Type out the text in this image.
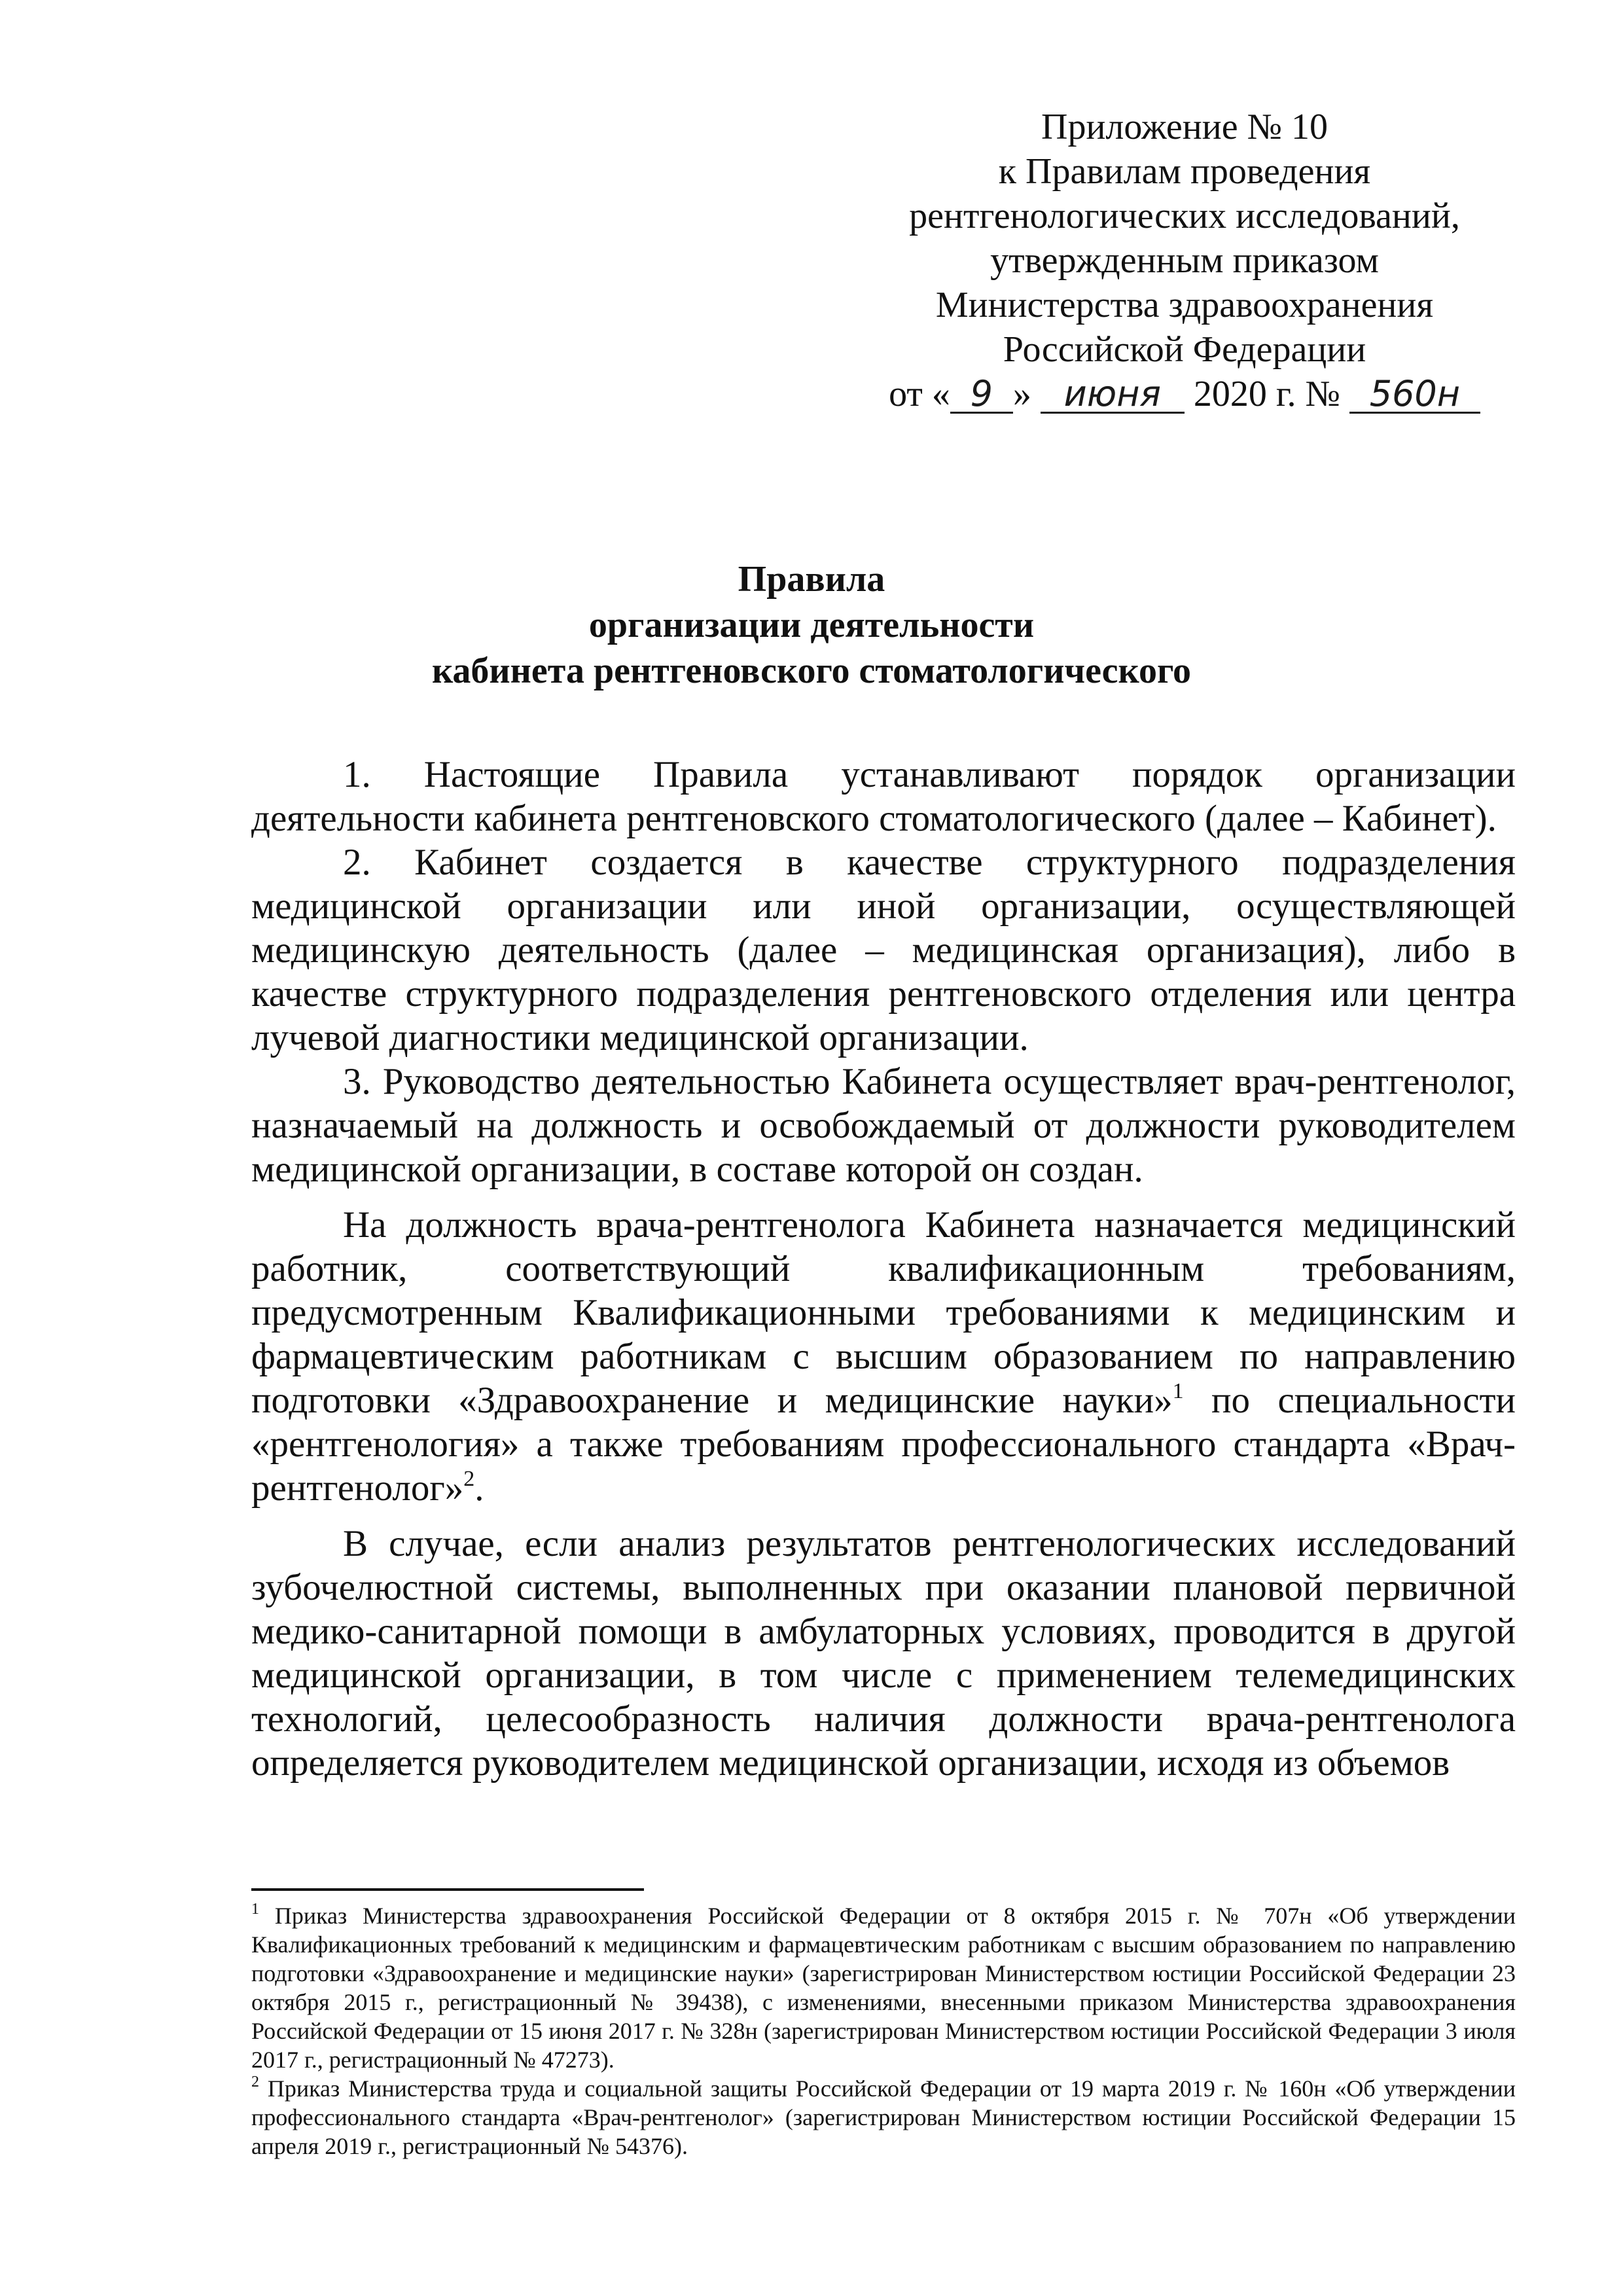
Приложение № 10
к Правилам проведения
рентгенологических исследований,
утвержденным приказом
Министерства здравоохранения
Российской Федерации
от « 9 » июня 2020 г. № 560н
Правила
организации деятельности
кабинета рентгеновского стоматологического

1. Настоящие Правила устанавливают порядок организации деятельности кабинета рентгеновского стоматологического (далее – Кабинет).

2. Кабинет создается в качестве структурного подразделения медицинской организации или иной организации, осуществляющей медицинскую деятельность (далее – медицинская организация), либо в качестве структурного подразделения рентгеновского отделения или центра лучевой диагностики медицинской организации.

3. Руководство деятельностью Кабинета осуществляет врач-рентгенолог, назначаемый на должность и освобождаемый от должности руководителем медицинской организации, в составе которой он создан.

На должность врача-рентгенолога Кабинета назначается медицинский работник, соответствующий квалификационным требованиям, предусмотренным Квалификационными требованиями к медицинским и фармацевтическим работникам с высшим образованием по направлению подготовки «Здравоохранение и медицинские науки»$^1$ по специальности «рентгенология» а также требованиям профессионального стандарта «Врач-рентгенолог»$^2$.

В случае, если анализ результатов рентгенологических исследований зубочелюстной системы, выполненных при оказании плановой первичной медико-санитарной помощи в амбулаторных условиях, проводится в другой медицинской организации, в том числе с применением телемедицинских технологий, целесообразность наличия должности врача-рентгенолога определяется руководителем медицинской организации, исходя из объемов

$^1$ Приказ Министерства здравоохранения Российской Федерации от 8 октября 2015 г. № 707н «Об утверждении Квалификационных требований к медицинским и фармацевтическим работникам с высшим образованием по направлению подготовки «Здравоохранение и медицинские науки» (зарегистрирован Министерством юстиции Российской Федерации 23 октября 2015 г., регистрационный № 39438), с изменениями, внесенными приказом Министерства здравоохранения Российской Федерации от 15 июня 2017 г. № 328н (зарегистрирован Министерством юстиции Российской Федерации 3 июля 2017 г., регистрационный № 47273).

$^2$ Приказ Министерства труда и социальной защиты Российской Федерации от 19 марта 2019 г. № 160н «Об утверждении профессионального стандарта «Врач-рентгенолог» (зарегистрирован Министерством юстиции Российской Федерации 15 апреля 2019 г., регистрационный № 54376).
